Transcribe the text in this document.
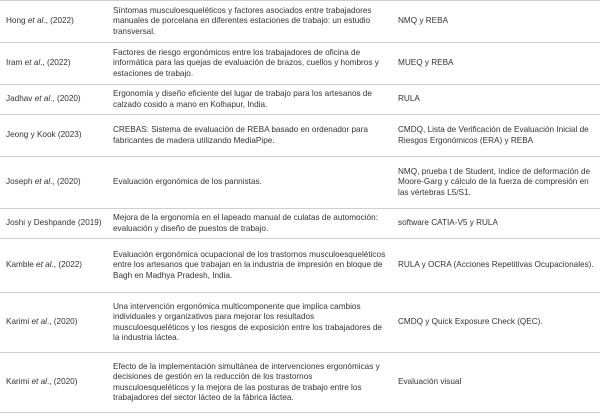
Hong et al., (2022)	Síntomas musculoesqueléticos y factores asociados entre trabajadores manuales de porcelana en diferentes estaciones de trabajo: un estudio transversal.	NMQ y REBA
Iram et al., (2022)	Factores de riesgo ergonómicos entre los trabajadores de oficina de informática para las quejas de evaluación de brazos, cuellos y hombros y estaciones de trabajo.	MUEQ y REBA
Jadhav et al., (2020)	Ergonomía y diseño eficiente del lugar de trabajo para los artesanos de calzado cosido a mano en Kolhapur, India.	RULA
Jeong y Kook (2023)	CREBAS: Sistema de evaluación de REBA basado en ordenador para fabricantes de madera utilizando MediaPipe.	CMDQ, Lista de Verificación de Evaluación Inicial de Riesgos Ergonómicos (ERA) y REBA
Joseph et al., (2020)	Evaluación ergonómica de los pannistas.	NMQ, prueba t de Student, índice de deformación de Moore-Garg y cálculo de la fuerza de compresión en las vértebras L5/S1.
Joshi y Deshpande (2019)	Mejora de la ergonomía en el lapeado manual de culatas de automoción: evaluación y diseño de puestos de trabajo.	software CATIA-V5 y RULA
Kamble et al., (2022)	Evaluación ergonómica ocupacional de los trastornos musculoesqueléticos entre los artesanos que trabajan en la industria de impresión en bloque de Bagh en Madhya Pradesh, India.	RULA y OCRA (Acciones Repetitivas Ocupacionales).
Karimi et al., (2020)	Una intervención ergonómica multicomponente que implica cambios individuales y organizativos para mejorar los resultados musculoesqueléticos y los riesgos de exposición entre los trabajadores de la industria láctea.	CMDQ y Quick Exposure Check (QEC).
Karimi et al., (2020)	Efecto de la implementación simultánea de intervenciones ergonómicas y decisiones de gestión en la reducción de los trastornos musculoesqueléticos y la mejora de las posturas de trabajo entre los trabajadores del sector lácteo de la fábrica láctea.	Evaluación visual
